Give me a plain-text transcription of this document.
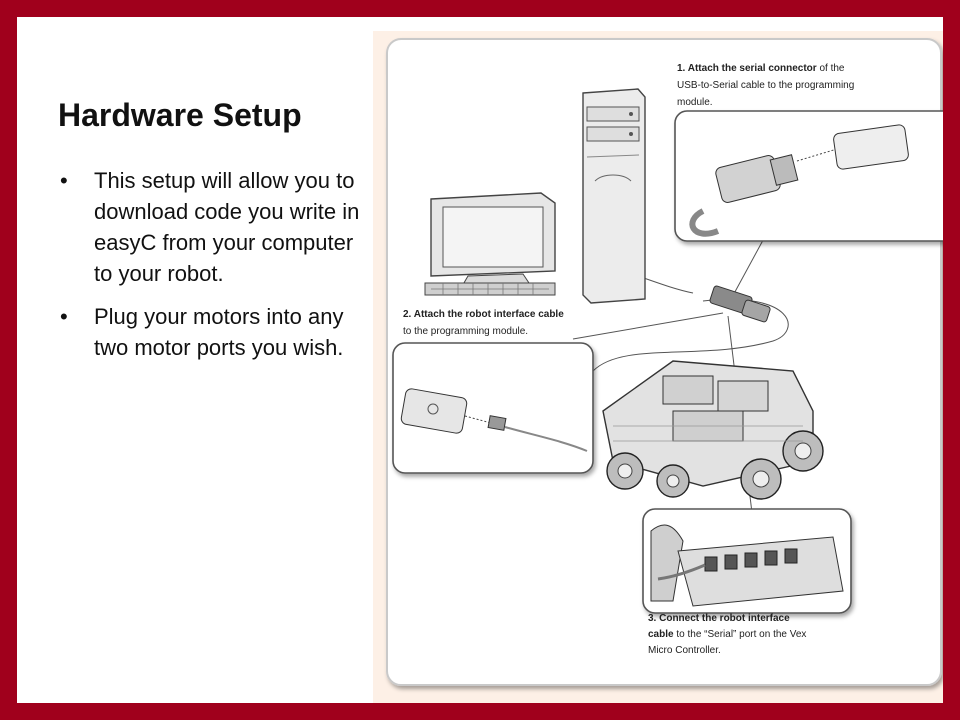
Hardware Setup
• This setup will allow you to download code you write in easyC from your computer to your robot.
• Plug your motors into any two motor ports you wish.
1. Attach the serial connector of the
USB-to-Serial cable to the programming
module.
2. Attach the robot interface cable
to the programming module.
3. Connect the robot interface
cable to the “Serial” port on the Vex
Micro Controller.
